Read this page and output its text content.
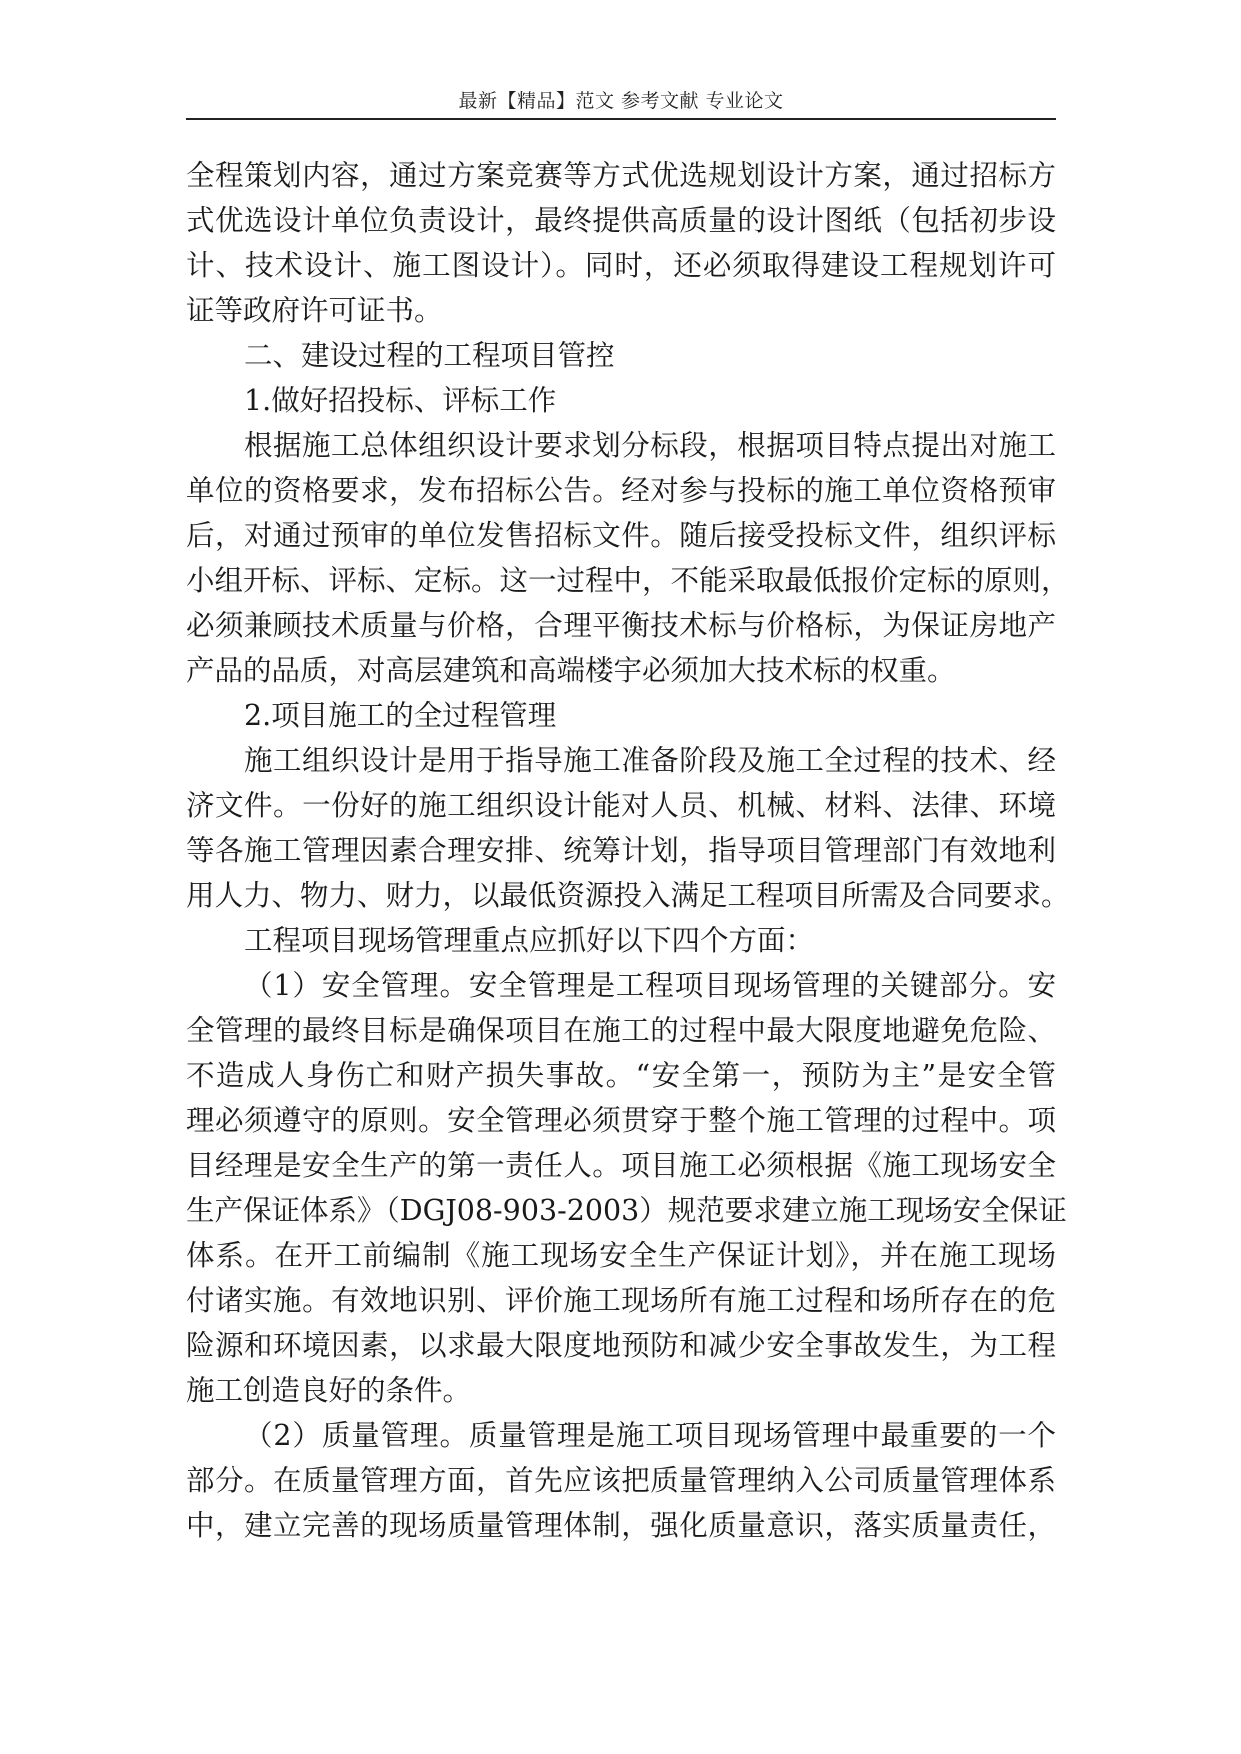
最新【精品】范文 参考文献 专业论文
全程策划内容，通过方案竞赛等方式优选规划设计方案，通过招标方
式优选设计单位负责设计，最终提供高质量的设计图纸（包括初步设
计、技术设计、施工图设计）。同时，还必须取得建设工程规划许可
证等政府许可证书。
二、建设过程的工程项目管控
1.做好招投标、评标工作
根据施工总体组织设计要求划分标段，根据项目特点提出对施工
单位的资格要求，发布招标公告。经对参与投标的施工单位资格预审
后，对通过预审的单位发售招标文件。随后接受投标文件，组织评标
小组开标、评标、定标。这一过程中，不能采取最低报价定标的原则，
必须兼顾技术质量与价格，合理平衡技术标与价格标，为保证房地产
产品的品质，对高层建筑和高端楼宇必须加大技术标的权重。
2.项目施工的全过程管理
施工组织设计是用于指导施工准备阶段及施工全过程的技术、经
济文件。一份好的施工组织设计能对人员、机械、材料、法律、环境
等各施工管理因素合理安排、统筹计划，指导项目管理部门有效地利
用人力、物力、财力，以最低资源投入满足工程项目所需及合同要求。
工程项目现场管理重点应抓好以下四个方面：
（1）安全管理。安全管理是工程项目现场管理的关键部分。安
全管理的最终目标是确保项目在施工的过程中最大限度地避免危险、
不造成人身伤亡和财产损失事故。“安全第一，预防为主”是安全管
理必须遵守的原则。安全管理必须贯穿于整个施工管理的过程中。项
目经理是安全生产的第一责任人。项目施工必须根据《施工现场安全
生产保证体系》（DGJ08-903-2003）规范要求建立施工现场安全保证
体系。在开工前编制《施工现场安全生产保证计划》，并在施工现场
付诸实施。有效地识别、评价施工现场所有施工过程和场所存在的危
险源和环境因素，以求最大限度地预防和减少安全事故发生，为工程
施工创造良好的条件。
（2）质量管理。质量管理是施工项目现场管理中最重要的一个
部分。在质量管理方面，首先应该把质量管理纳入公司质量管理体系
中，建立完善的现场质量管理体制，强化质量意识，落实质量责任，
